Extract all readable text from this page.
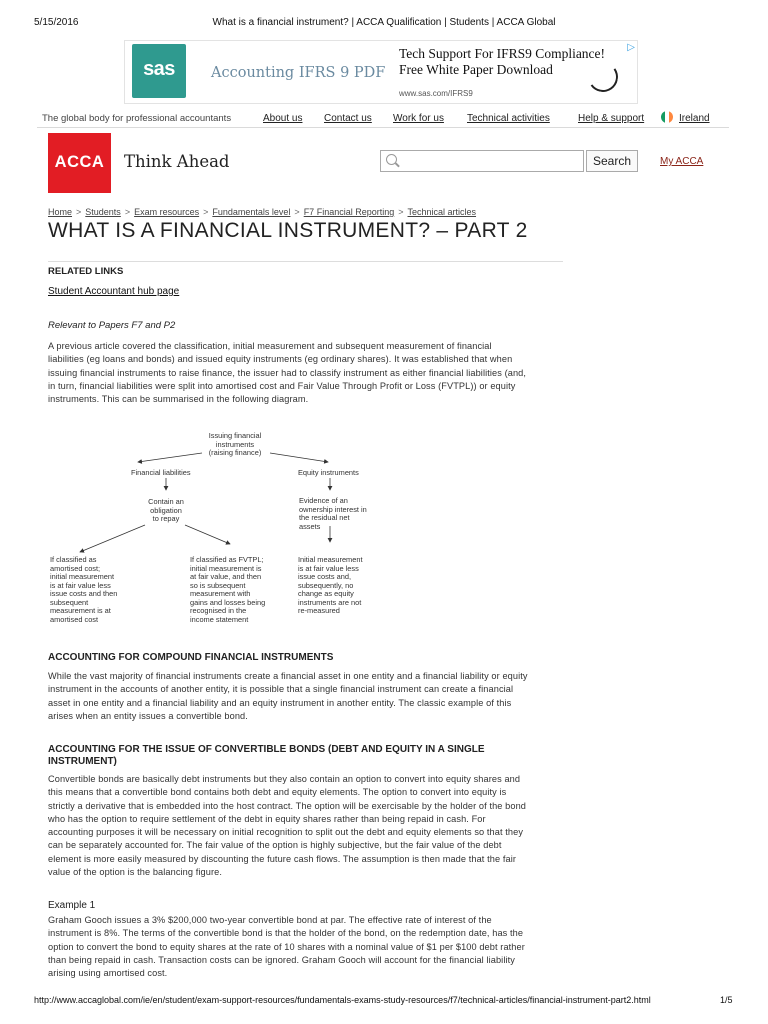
5/15/2016	What is a financial instrument? | ACCA Qualification | Students | ACCA Global
sas	Accounting IFRS 9 PDF
Tech Support For IFRS9 Compliance! Free White Paper Download
www.sas.com/IFRS9
▷
The global body for professional accountants	About us Contact us Work for us Technical activities	Help & support	Ireland
ACCA	Think Ahead	Search	My ACCA
Home > Students > Exam resources > Fundamentals level > F7 Financial Reporting > Technical articles
WHAT IS A FINANCIAL INSTRUMENT? – PART 2
RELATED LINKS
Student Accountant hub page
Relevant to Papers F7 and P2
A previous article covered the classification, initial measurement and subsequent measurement of financial liabilities (eg loans and bonds) and issued equity instruments (eg ordinary shares). It was established that when issuing financial instruments to raise finance, the issuer had to classify instrument as either financial liabilities (and, in turn, financial liabilities were split into amortised cost and Fair Value Through Profit or Loss (FVTPL)) or equity instruments. This can be summarised in the following diagram.
Issuing financial
instruments
(raising finance)
Financial liabilities	Equity instruments
Contain an
obligation
to repay
Evidence of an
ownership interest in
the residual net
assets
If classified as
amortised cost;
initial measurement
is at fair value less
issue costs and then
subsequent
measurement is at
amortised cost
If classified as FVTPL;
initial measurement is
at fair value, and then
so is subsequent
measurement with
gains and losses being
recognised in the
income statement
Initial measurement
is at fair value less
issue costs and,
subsequently, no
change as equity
instruments are not
re-measured
ACCOUNTING FOR COMPOUND FINANCIAL INSTRUMENTS
While the vast majority of financial instruments create a financial asset in one entity and a financial liability or equity instrument in the accounts of another entity, it is possible that a single financial instrument can create a financial asset in one entity and a financial liability and an equity instrument in another entity. The classic example of this arises when an entity issues a convertible bond.
ACCOUNTING FOR THE ISSUE OF CONVERTIBLE BONDS (DEBT AND EQUITY IN A SINGLE INSTRUMENT)
Convertible bonds are basically debt instruments but they also contain an option to convert into equity shares and this means that a convertible bond contains both debt and equity elements. The option to convert into equity is strictly a derivative that is embedded into the host contract. The option will be exercisable by the holder of the bond who has the option to require settlement of the debt in equity shares rather than being repaid in cash. For accounting purposes it will be necessary on initial recognition to split out the debt and equity elements so that they can be separately accounted for. The fair value of the option is highly subjective, but the fair value of the debt element is more easily measured by discounting the future cash flows. The assumption is then made that the fair value of the option is the balancing figure.
Example 1
Graham Gooch issues a 3% $200,000 two-year convertible bond at par. The effective rate of interest of the instrument is 8%. The terms of the convertible bond is that the holder of the bond, on the redemption date, has the option to convert the bond to equity shares at the rate of 10 shares with a nominal value of $1 per $100 debt rather than being repaid in cash. Transaction costs can be ignored. Graham Gooch will account for the financial liability arising using amortised cost.
http://www.accaglobal.com/ie/en/student/exam-support-resources/fundamentals-exams-study-resources/f7/technical-articles/financial-instrument-part2.html	1/5
